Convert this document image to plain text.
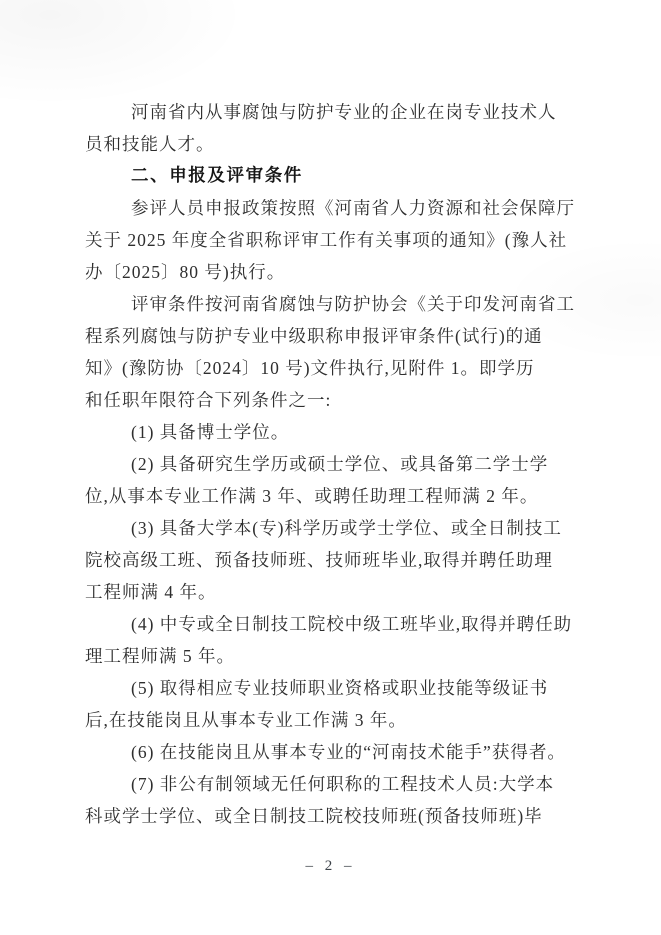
河南省内从事腐蚀与防护专业的企业在岗专业技术人
员和技能人才。
二、申报及评审条件
参评人员申报政策按照《河南省人力资源和社会保障厅
关于 2025 年度全省职称评审工作有关事项的通知》(豫人社
办〔2025〕80 号)执行。
评审条件按河南省腐蚀与防护协会《关于印发河南省工
程系列腐蚀与防护专业中级职称申报评审条件(试行)的通
知》(豫防协〔2024〕10 号)文件执行,见附件 1。即学历
和任职年限符合下列条件之一:
(1) 具备博士学位。
(2) 具备研究生学历或硕士学位、或具备第二学士学
位,从事本专业工作满 3 年、或聘任助理工程师满 2 年。
(3) 具备大学本(专)科学历或学士学位、或全日制技工
院校高级工班、预备技师班、技师班毕业,取得并聘任助理
工程师满 4 年。
(4) 中专或全日制技工院校中级工班毕业,取得并聘任助
理工程师满 5 年。
(5) 取得相应专业技师职业资格或职业技能等级证书
后,在技能岗且从事本专业工作满 3 年。
(6) 在技能岗且从事本专业的“河南技术能手”获得者。
(7) 非公有制领域无任何职称的工程技术人员:大学本
科或学士学位、或全日制技工院校技师班(预备技师班)毕
– 2 –
